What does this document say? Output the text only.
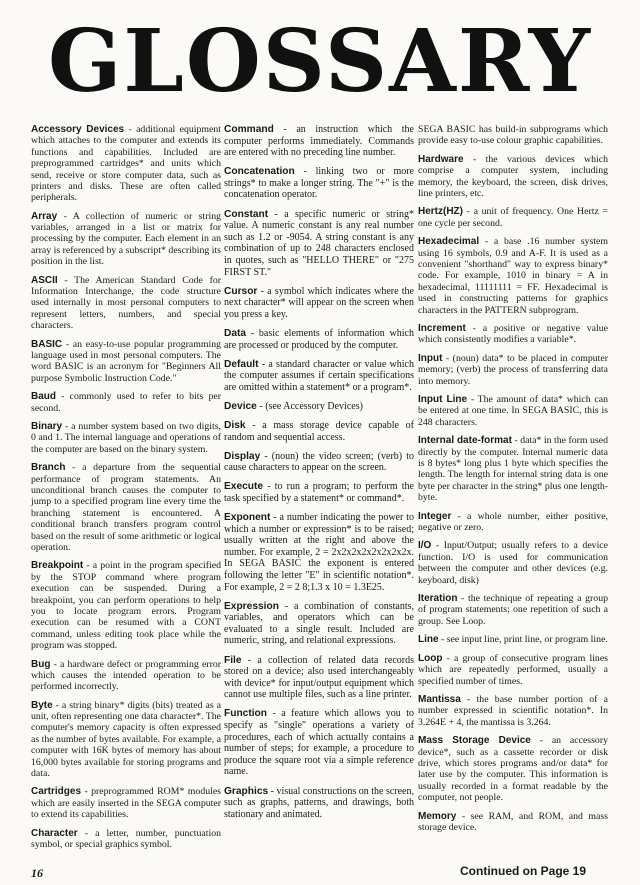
GLOSSARY

Accessory Devices - additional equipment which attaches to the computer and extends its functions and capabilities. Included are preprogrammed cartridges* and units which send, receive or store computer data, such as printers and disks. These are often called peripherals.

Array - A collection of numeric or string variables, arranged in a list or matrix for processing by the computer. Each element in an array is referenced by a subscript* describing its position in the list.

ASCII - The American Standard Code for Information Interchange, the code structure used internally in most personal computers to represent letters, numbers, and special characters.

BASIC - an easy-to-use popular programming language used in most personal computers. The word BASIC is an acronym for "Beginners All purpose Symbolic Instruction Code."

Baud - commonly used to refer to bits per second.

Binary - a number system based on two digits, 0 and 1. The internal language and operations of the computer are based on the binary system.

Branch - a departure from the sequential performance of program statements. An unconditional branch causes the computer to jump to a specified program line every time the branching statement is encountered. A conditional branch transfers program control based on the result of some arithmetic or logical operation.

Breakpoint - a point in the program specified by the STOP command where program execution can be suspended. During a breakpoint, you can perform operations to help you to locate program errors. Program execution can be resumed with a CONT command, unless editing took place while the program was stopped.

Bug - a hardware defect or programming error which causes the intended operation to be performed incorrectly.

Byte - a string binary* digits (bits) treated as a unit, often representing one data character*. The computer's memory capacity is often expressed as the number of bytes available. For example, a computer with 16K bytes of memory has about 16,000 bytes available for storing programs and data.

Cartridges - preprogrammed ROM* modules which are easily inserted in the SEGA computer to extend its capabilities.

Character - a letter, number, punctuation symbol, or special graphics symbol.

Command - an instruction which the computer performs immediately. Commands are entered with no preceding line number.

Concatenation - linking two or more strings* to make a longer string. The "+" is the concatenation operator.

Constant - a specific numeric or string* value. A numeric constant is any real number such as 1.2 or -9054. A string constant is any combination of up to 248 characters enclosed in quotes, such as "HELLO THERE" or "275 FIRST ST."

Cursor - a symbol which indicates where the next character* will appear on the screen when you press a key.

Data - basic elements of information which are processed or produced by the computer.

Default - a standard character or value which the computer assumes if certain specifications are omitted within a statement* or a program*.

Device - (see Accessory Devices)

Disk - a mass storage device capable of random and sequential access.

Display - (noun) the video screen; (verb) to cause characters to appear on the screen.

Execute - to run a program; to perform the task specified by a statement* or command*.

Exponent - a number indicating the power to which a number or expression* is to be raised; usually written at the right and above the number. For example, 2 = 2x2x2x2x2x2x2x2x. In SEGA BASIC the exponent is entered following the letter "E" in scientific notation*. For example, 2 = 2 8;1.3 x 10 = 1.3E25.

Expression - a combination of constants, variables, and operators which can be evaluated to a single result. Included are numeric, string, and relational expressions.

File - a collection of related data records stored on a device; also used interchangeably with device* for input/output equipment which cannot use multiple files, such as a line printer.

Function - a feature which allows you to specify as "single" operations a variety of procedures, each of which actually contains a number of steps; for example, a procedure to produce the square root via a simple reference name.

Graphics - visual constructions on the screen, such as graphs, patterns, and drawings, both stationary and animated.

SEGA BASIC has build-in subprograms which provide easy to-use colour graphic capabilities.

Hardware - the various devices which comprise a computer system, including memory, the keyboard, the screen, disk drives, line printers, etc.

Hertz(HZ) - a unit of frequency. One Hertz = one cycle per second.

Hexadecimal - a base .16 number system using 16 symbols, 0.9 and A-F. It is used as a convenient "shorthand" way to express binary* code. For example, 1010 in binary = A in hexadecimal, 11111111 = FF. Hexadecimal is used in constructing patterns for graphics characters in the PATTERN subprogram.

Increment - a positive or negative value which consistently modifies a variable*.

Input - (noun) data* to be placed in computer memory; (verb) the process of transferring data into memory.

Input Line - The amount of data* which can be entered at one time. In SEGA BASIC, this is 248 characters.

Internal date-format - data* in the form used directly by the computer. Internal numeric data is 8 bytes* long plus 1 byte which specifies the length. The length for internal string data is one byte per character in the string* plus one length-byte.

Integer - a whole number, either positive, negative or zero.

I/O - Input/Output; usually refers to a device function. I/O is used for communication between the computer and other devices (e.g. keyboard, disk)

Iteration - the technique of repeating a group of program statements; one repetition of such a group. See Loop.

Line - see input line, print line, or program line.

Loop - a group of consecutive program lines which are repeatedly performed, usually a specified number of times.

Mantissa - the base number portion of a number expressed in scientific notation*. In 3.264E + 4, the mantissa is 3.264.

Mass Storage Device - an accessory device*, such as a cassette recorder or disk drive, which stores programs and/or data* for later use by the computer. This information is usually recorded in a format readable by the computer, not people.

Memory - see RAM, and ROM, and mass storage device.

16	Continued on Page 19
